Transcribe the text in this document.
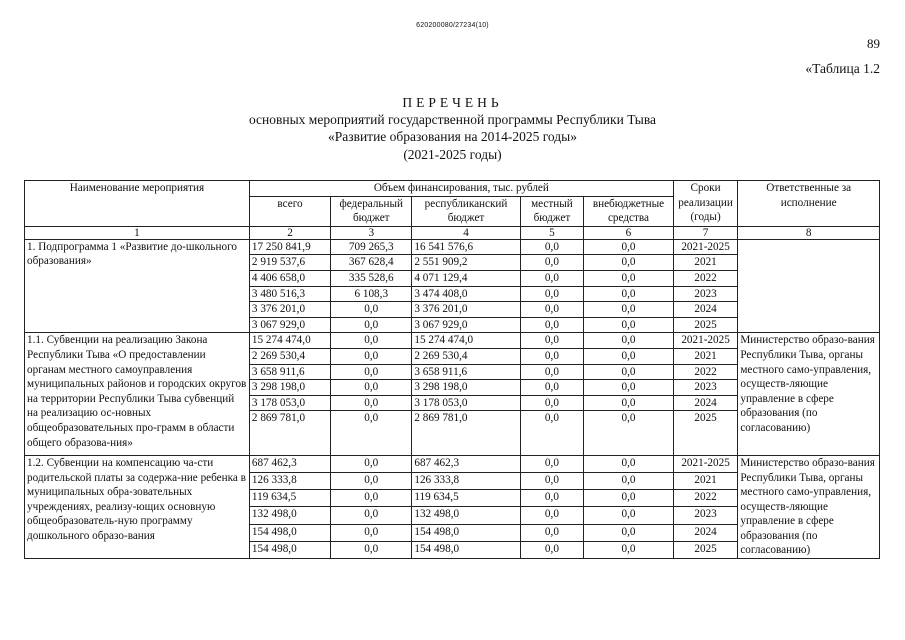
620200080/27234(10)
89
«Таблица 1.2
ПЕРЕЧЕНЬ
основных мероприятий государственной программы Республики Тыва
«Развитие образования на 2014-2025 годы»
(2021-2025 годы)
Наименование мероприятия	Объем финансирования, тыс. рублей					Сроки реализации (годы)	Ответственные за исполнение
	всего	федеральный бюджет	республиканский бюджет	местный бюджет	внебюджетные средства		
1	2	3	4	5	6	7	8
1. Подпрограмма 1 «Развитие до-школьного образования»	17 250 841,9	709 265,3	16 541 576,6	0,0	0,0	2021-2025	
	2 919 537,6	367 628,4	2 551 909,2	0,0	0,0	2021	
	4 406 658,0	335 528,6	4 071 129,4	0,0	0,0	2022	
	3 480 516,3	6 108,3	3 474 408,0	0,0	0,0	2023	
	3 376 201,0	0,0	3 376 201,0	0,0	0,0	2024	
	3 067 929,0	0,0	3 067 929,0	0,0	0,0	2025	
1.1. Субвенции на реализацию Закона Республики Тыва «О предоставлении органам местного самоуправления муниципальных районов и городских округов на территории Республики Тыва субвенций на реализацию ос-новных общеобразовательных про-грамм в области общего образова-ния»	15 274 474,0	0,0	15 274 474,0	0,0	0,0	2021-2025	Министерство образо-вания Республики Тыва, органы местного само-управления, осуществ-ляющие управление в сфере образования (по согласованию)
	2 269 530,4	0,0	2 269 530,4	0,0	0,0	2021	
	3 658 911,6	0,0	3 658 911,6	0,0	0,0	2022	
	3 298 198,0	0,0	3 298 198,0	0,0	0,0	2023	
	3 178 053,0	0,0	3 178 053,0	0,0	0,0	2024	
	2 869 781,0	0,0	2 869 781,0	0,0	0,0	2025	
1.2. Субвенции на компенсацию ча-сти родительской платы за содержа-ние ребенка в муниципальных обра-зовательных учреждениях, реализу-ющих основную общеобразователь-ную программу дошкольного образо-вания	687 462,3	0,0	687 462,3	0,0	0,0	2021-2025	Министерство образо-вания Республики Тыва, органы местного само-управления, осуществ-ляющие управление в сфере образования (по согласованию)
	126 333,8	0,0	126 333,8	0,0	0,0	2021	
	119 634,5	0,0	119 634,5	0,0	0,0	2022	
	132 498,0	0,0	132 498,0	0,0	0,0	2023	
	154 498,0	0,0	154 498,0	0,0	0,0	2024	
	154 498,0	0,0	154 498,0	0,0	0,0	2025	
